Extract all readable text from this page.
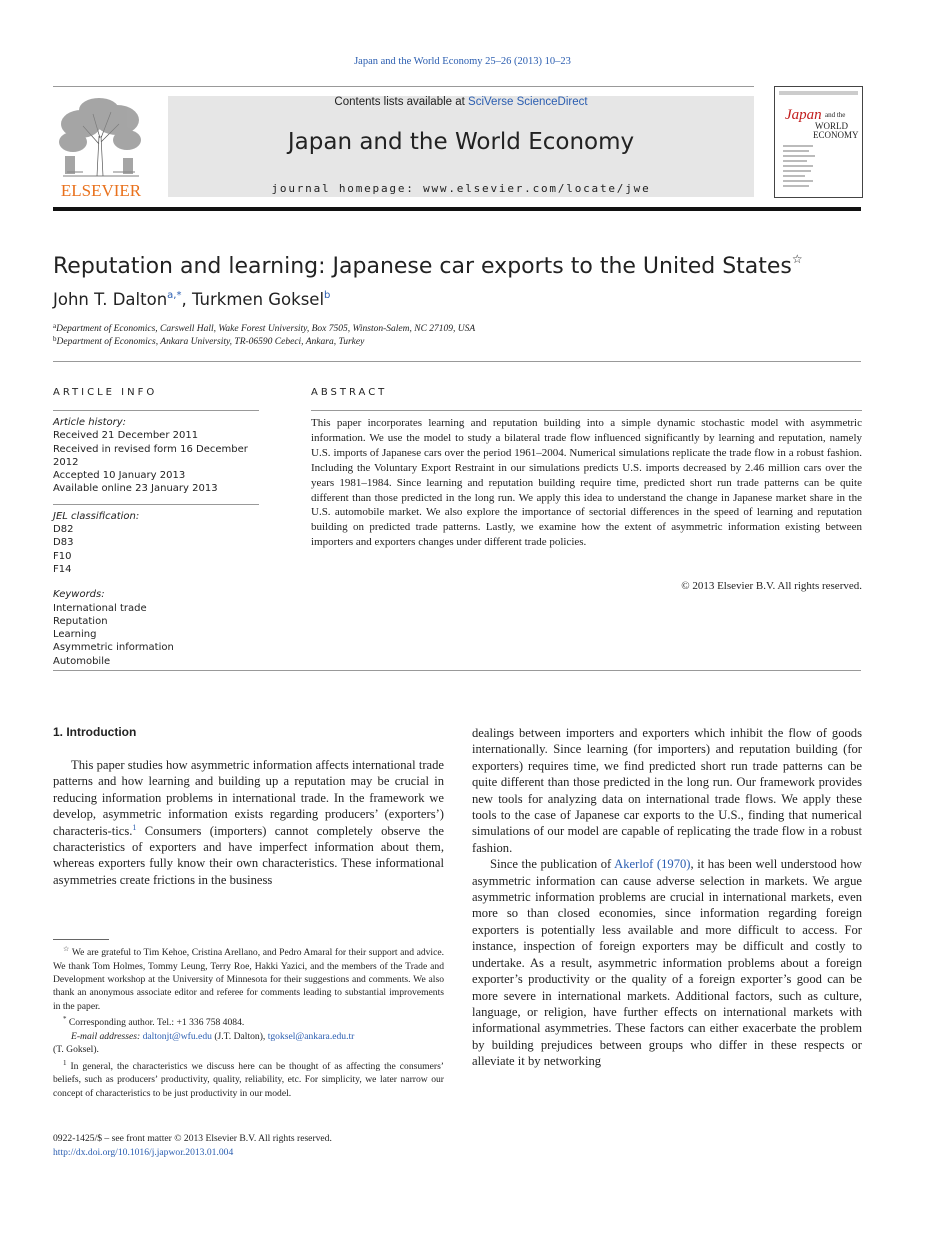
Japan and the World Economy 25–26 (2013) 10–23
ELSEVIER
Contents lists available at SciVerse ScienceDirect
Japan and the World Economy
journal homepage: www.elsevier.com/locate/jwe
Japan and the
WORLD
ECONOMY
Reputation and learning: Japanese car exports to the United States☆
John T. Dalton$^{a,*}$, Turkmen Goksel$^b$
$^a$Department of Economics, Carswell Hall, Wake Forest University, Box 7505, Winston-Salem, NC 27109, USA
$^b$Department of Economics, Ankara University, TR-06590 Cebeci, Ankara, Turkey
ARTICLE INFO	ABSTRACT
Article history:
Received 21 December 2011
Received in revised form 16 December 2012
Accepted 10 January 2013
Available online 23 January 2013
JEL classification:
D82
D83
F10
F14
Keywords:
International trade
Reputation
Learning
Asymmetric information
Automobile
This paper incorporates learning and reputation building into a simple dynamic stochastic model with asymmetric information. We use the model to study a bilateral trade flow influenced significantly by learning and reputation, namely U.S. imports of Japanese cars over the period 1961–2004. Numerical simulations replicate the trade flow in a robust fashion. Including the Voluntary Export Restraint in our simulations predicts U.S. imports decreased by 2.46 million cars over the years 1981–1984. Since learning and reputation building require time, predicted short run trade patterns can be quite different than those predicted in the long run. We apply this idea to understand the change in Japanese market share in the U.S. automobile market. We also explore the importance of sectorial differences in the speed of learning and reputation building on predicted trade patterns. Lastly, we examine how the extent of asymmetric information existing between importers and exporters changes under different trade policies.
© 2013 Elsevier B.V. All rights reserved.
1. Introduction

This paper studies how asymmetric information affects international trade patterns and how learning and building up a reputation may be crucial in reducing information problems in international trade. In the framework we develop, asymmetric information exists regarding producers’ (exporters’) characteris-tics.$^1$ Consumers (importers) cannot completely observe the characteristics of exporters and have imperfect information about them, whereas exporters fully know their own characteristics. These informational asymmetries create frictions in the business

☆ We are grateful to Tim Kehoe, Cristina Arellano, and Pedro Amaral for their support and advice. We thank Tom Holmes, Tommy Leung, Terry Roe, Hakki Yazici, and the members of the Trade and Development workshop at the University of Minnesota for their suggestions and comments. We also thank an anonymous associate editor and referee for comments leading to substantial improvements in the paper.

* Corresponding author. Tel.: +1 336 758 4084.

E-mail addresses: daltonjt@wfu.edu (J.T. Dalton), tgoksel@ankara.edu.tr

(T. Goksel).

$^1$ In general, the characteristics we discuss here can be thought of as affecting the consumers’ beliefs, such as producers’ productivity, quality, reliability, etc. For simplicity, we later narrow our concept of characteristics to be just productivity in our model.

0922-1425/$ – see front matter © 2013 Elsevier B.V. All rights reserved.
http://dx.doi.org/10.1016/j.japwor.2013.01.004

dealings between importers and exporters which inhibit the flow of goods internationally. Since learning (for importers) and reputation building (for exporters) requires time, we find predicted short run trade patterns can be quite different than those predicted in the long run. Our framework provides new tools for analyzing data on international trade flows. We apply these tools to the case of Japanese car exports to the U.S., finding that numerical simulations of our model are capable of replicating the trade flow in a robust fashion.

Since the publication of Akerlof (1970), it has been well understood how asymmetric information can cause adverse selection in markets. We argue asymmetric information problems are crucial in international markets, even more so than closed economies, since information regarding foreign exporters is potentially less available and more difficult to access. For instance, inspection of foreign exporters may be difficult and costly to undertake. As a result, asymmetric information problems about a foreign exporter’s productivity or the quality of a foreign exporter’s good can be more severe in international markets. Additional factors, such as culture, language, or religion, have further effects on international markets with informational asymmetries. These factors can either exacerbate the problem by building prejudices between groups who differ in these respects or alleviate it by networking
